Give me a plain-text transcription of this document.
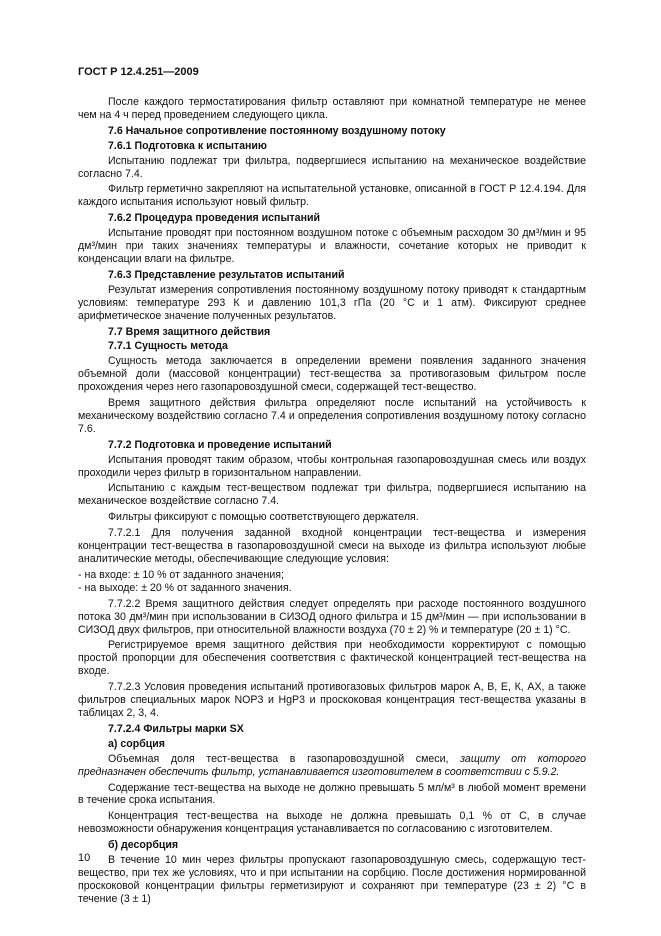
ГОСТ Р 12.4.251—2009

После каждого термостатирования фильтр оставляют при комнатной температуре не менее чем на 4 ч перед проведением следующего цикла.

7.6 Начальное сопротивление постоянному воздушному потоку
7.6.1 Подготовка к испытанию

Испытанию подлежат три фильтра, подвергшиеся испытанию на механическое воздействие согласно 7.4.

Фильтр герметично закрепляют на испытательной установке, описанной в ГОСТ Р 12.4.194. Для каждого испытания используют новый фильтр.

7.6.2 Процедура проведения испытаний

Испытание проводят при постоянном воздушном потоке с объемным расходом 30 дм³/мин и 95 дм³/мин при таких значениях температуры и влажности, сочетание которых не приводит к конденсации влаги на фильтре.

7.6.3 Представление результатов испытаний

Результат измерения сопротивления постоянному воздушному потоку приводят к стандартным условиям: температуре 293 К и давлению 101,3 гПа (20 °С и 1 атм). Фиксируют среднее арифметическое значение полученных результатов.

7.7 Время защитного действия
7.7.1 Сущность метода

Сущность метода заключается в определении времени появления заданного значения объемной доли (массовой концентрации) тест-вещества за противогазовым фильтром после прохождения через него газопаровоздушной смеси, содержащей тест-вещество.

Время защитного действия фильтра определяют после испытаний на устойчивость к механическому воздействию согласно 7.4 и определения сопротивления воздушному потоку согласно 7.6.

7.7.2 Подготовка и проведение испытаний

Испытания проводят таким образом, чтобы контрольная газопаровоздушная смесь или воздух проходили через фильтр в горизонтальном направлении.

Испытанию с каждым тест-веществом подлежат три фильтра, подвергшиеся испытанию на механическое воздействие согласно 7.4.

Фильтры фиксируют с помощью соответствующего держателя.

7.7.2.1 Для получения заданной входной концентрации тест-вещества и измерения концентрации тест-вещества в газопаровоздушной смеси на выходе из фильтра используют любые аналитические методы, обеспечивающие следующие условия:

- на входе: ± 10 % от заданного значения;

- на выходе: ± 20 % от заданного значения.

7.7.2.2 Время защитного действия следует определять при расходе постоянного воздушного потока 30 дм³/мин при использовании в СИЗОД одного фильтра и 15 дм³/мин — при использовании в СИЗОД двух фильтров, при относительной влажности воздуха (70 ± 2) % и температуре (20 ± 1) °С.

Регистрируемое время защитного действия при необходимости корректируют с помощью простой пропорции для обеспечения соответствия с фактической концентрацией тест-вещества на входе.

7.7.2.3 Условия проведения испытаний противогазовых фильтров марок А, В, Е, К, АХ, а также фильтров специальных марок NOP3 и HgP3 и проскоковая концентрация тест-вещества указаны в таблицах 2, 3, 4.

7.7.2.4 Фильтры марки SX
а) сорбция

Объемная доля тест-вещества в газопаровоздушной смеси, защиту от которого предназначен обеспечить фильтр, устанавливается изготовителем в соответствии с 5.9.2.

Содержание тест-вещества на выходе не должно превышать 5 мл/м³ в любой момент времени в течение срока испытания.

Концентрация тест-вещества на выходе не должна превышать 0,1 % от С, в случае невозможности обнаружения концентрация устанавливается по согласованию с изготовителем.

б) десорбция

В течение 10 мин через фильтры пропускают газопаровоздушную смесь, содержащую тест-вещество, при тех же условиях, что и при испытании на сорбцию. После достижения нормированной проскоковой концентрации фильтры герметизируют и сохраняют при температуре (23 ± 2) °С в течение (3 ± 1)

10
